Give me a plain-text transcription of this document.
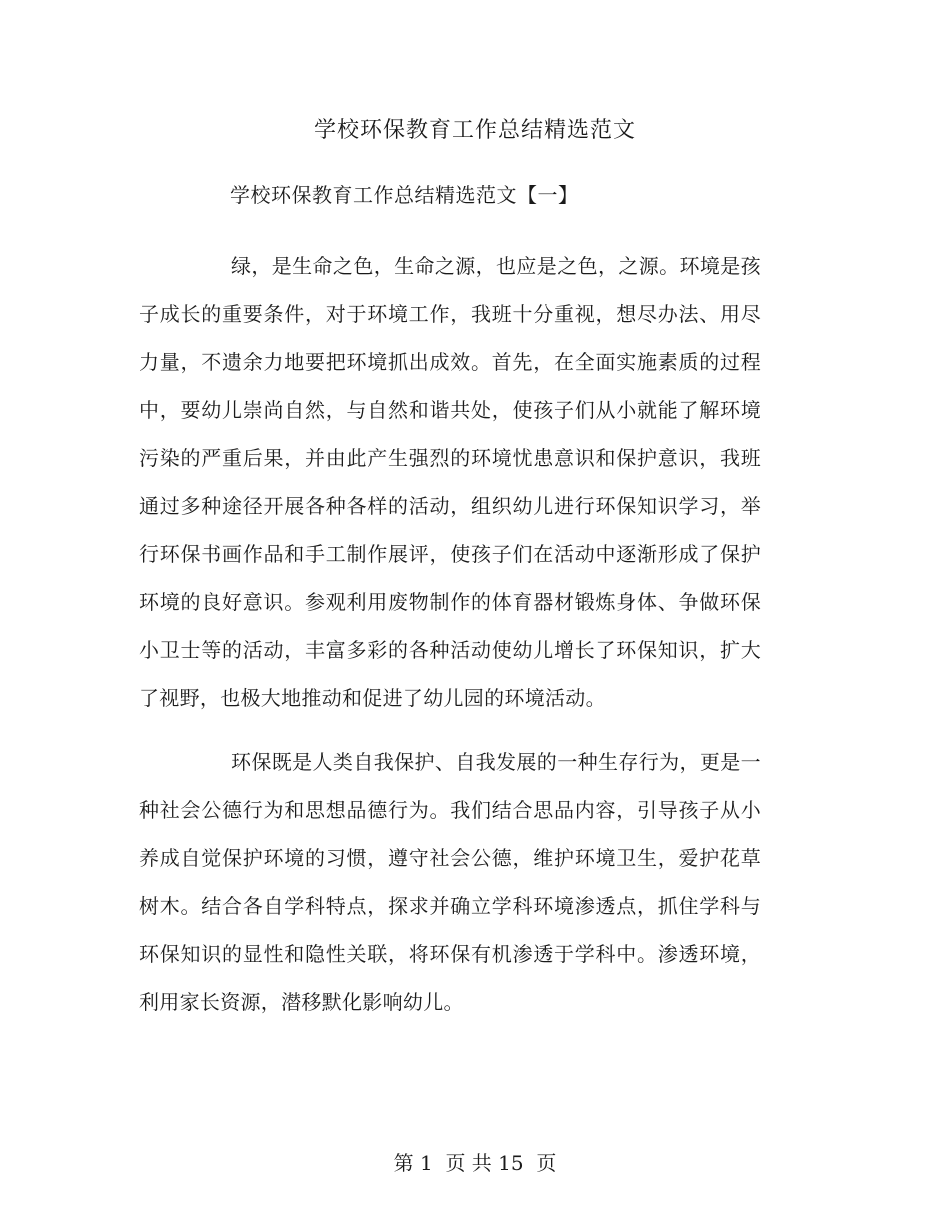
学校环保教育工作总结精选范文
学校环保教育工作总结精选范文【一】

绿，是生命之色，生命之源，也应是之色，之源。环境是孩子成长的重要条件，对于环境工作，我班十分重视，想尽办法、用尽力量，不遗余力地要把环境抓出成效。首先，在全面实施素质的过程中，要幼儿崇尚自然，与自然和谐共处，使孩子们从小就能了解环境污染的严重后果，并由此产生强烈的环境忧患意识和保护意识，我班通过多种途径开展各种各样的活动，组织幼儿进行环保知识学习，举行环保书画作品和手工制作展评，使孩子们在活动中逐渐形成了保护环境的良好意识。参观利用废物制作的体育器材锻炼身体、争做环保小卫士等的活动，丰富多彩的各种活动使幼儿增长了环保知识，扩大了视野，也极大地推动和促进了幼儿园的环境活动。

环保既是人类自我保护、自我发展的一种生存行为，更是一种社会公德行为和思想品德行为。我们结合思品内容，引导孩子从小养成自觉保护环境的习惯，遵守社会公德，维护环境卫生，爱护花草树木。结合各自学科特点，探求并确立学科环境渗透点，抓住学科与环保知识的显性和隐性关联，将环保有机渗透于学科中。渗透环境，利用家长资源，潜移默化影响幼儿。

第 1  页 共 15  页
